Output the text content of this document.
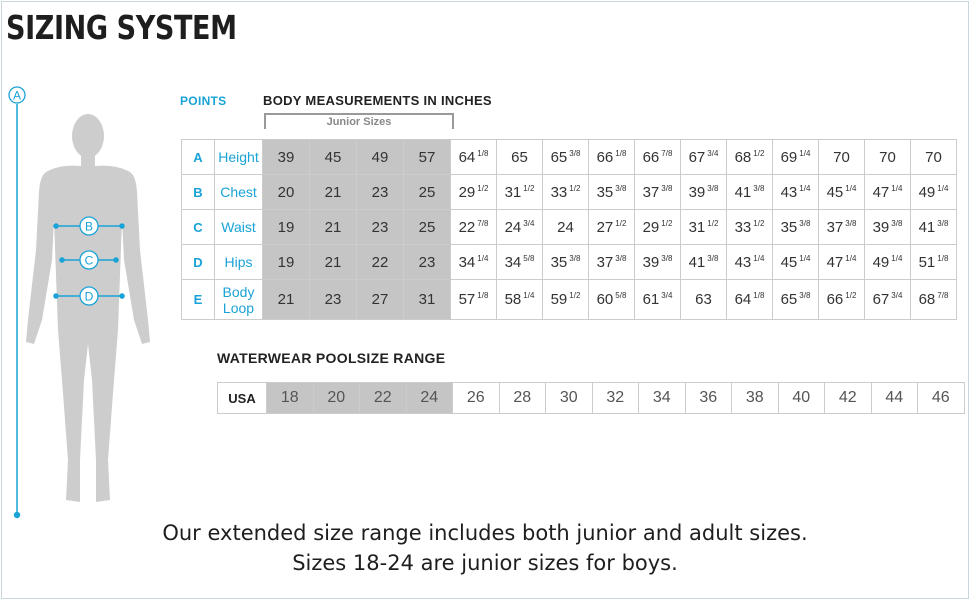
SIZING SYSTEM
A
B
C
D
POINTS	BODY MEASUREMENTS IN INCHES
Junior Sizes
A	Height	39	45	49	57	64 $^{1/8}$	65	65 $^{3/8}$	66 $^{1/8}$	66 $^{7/8}$	67 $^{3/4}$	68 $^{1/2}$	69 $^{1/4}$	70	70	70
B	Chest	20	21	23	25	29 $^{1/2}$	31 $^{1/2}$	33 $^{1/2}$	35 $^{3/8}$	37 $^{3/8}$	39 $^{3/8}$	41 $^{3/8}$	43 $^{1/4}$	45 $^{1/4}$	47 $^{1/4}$	49 $^{1/4}$
C	Waist	19	21	23	25	22 $^{7/8}$	24 $^{3/4}$	24	27 $^{1/2}$	29 $^{1/2}$	31 $^{1/2}$	33 $^{1/2}$	35 $^{3/8}$	37 $^{3/8}$	39 $^{3/8}$	41 $^{3/8}$
D	Hips	19	21	22	23	34 $^{1/4}$	34 $^{5/8}$	35 $^{3/8}$	37 $^{3/8}$	39 $^{3/8}$	41 $^{3/8}$	43 $^{1/4}$	45 $^{1/4}$	47 $^{1/4}$	49 $^{1/4}$	51 $^{1/8}$
E	Body Loop	21	23	27	31	57 $^{1/8}$	58 $^{1/4}$	59 $^{1/2}$	60 $^{5/8}$	61 $^{3/4}$	63	64 $^{1/8}$	65 $^{3/8}$	66 $^{1/2}$	67 $^{3/4}$	68 $^{7/8}$
WATERWEAR POOLSIZE RANGE
USA	18	20	22	24	26	28	30	32	34	36	38	40	42	44	46
Our extended size range includes both junior and adult sizes.
Sizes 18-24 are junior sizes for boys.
